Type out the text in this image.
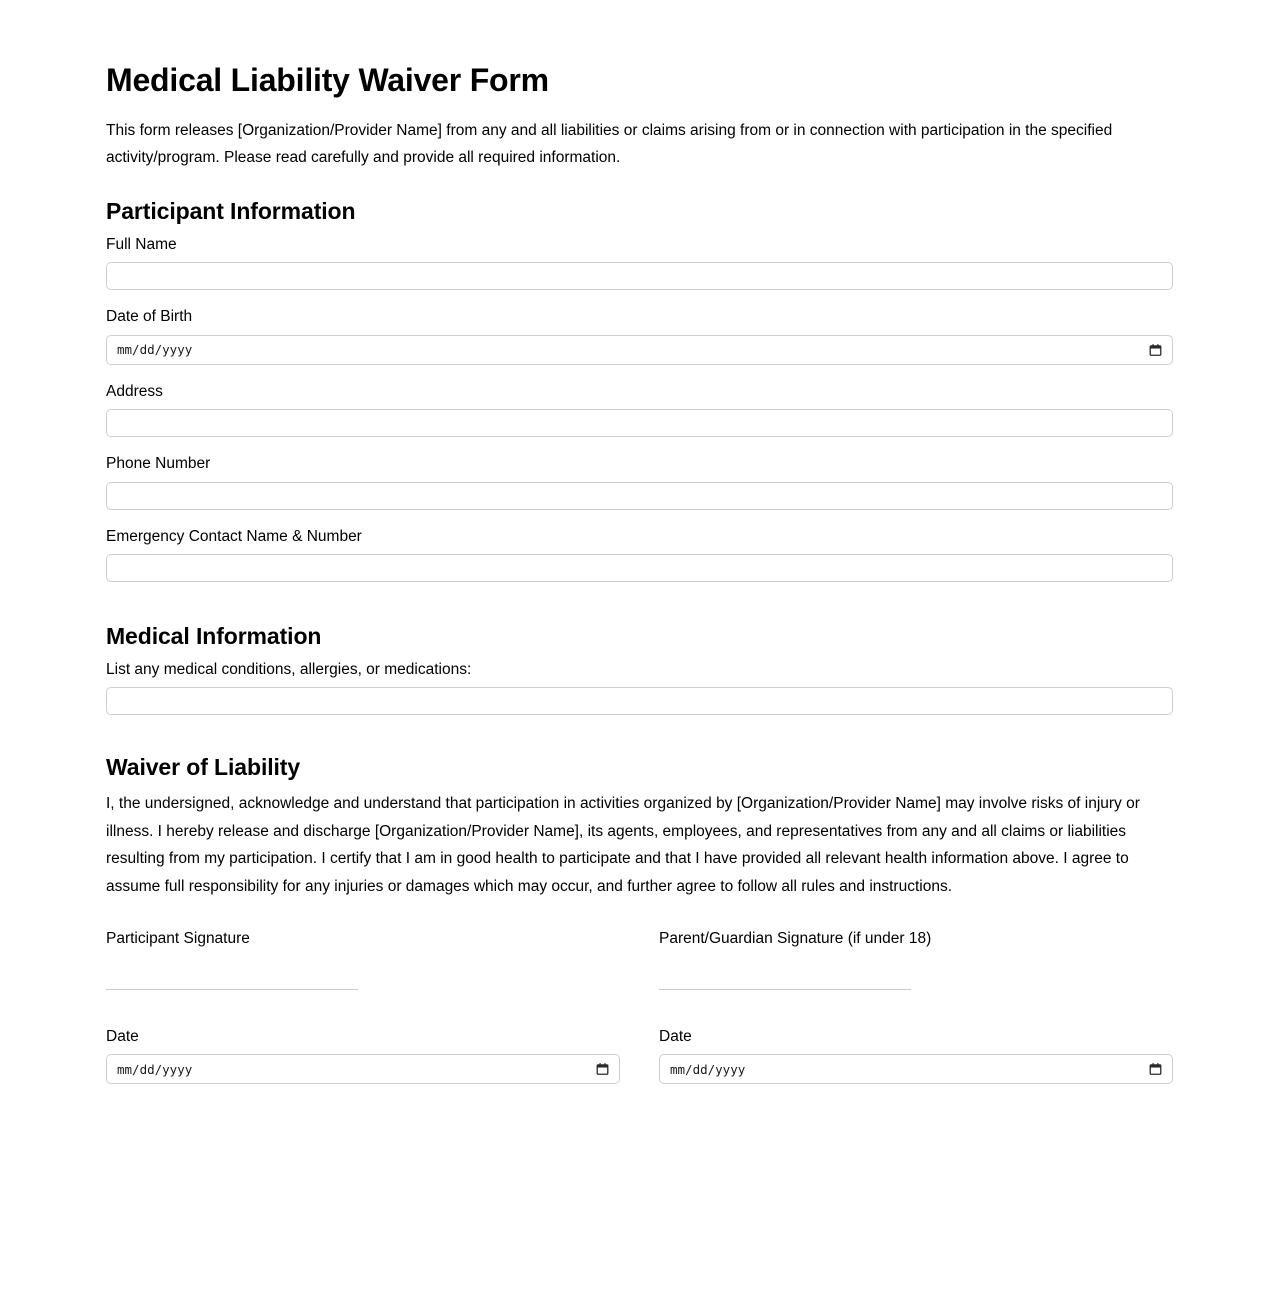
Medical Liability Waiver Form

This form releases [Organization/Provider Name] from any and all liabilities or claims arising from or in connection with participation in the specified activity/program. Please read carefully and provide all required information.

Participant Information
Full Name
Date of Birth
mm/dd/yyyy
Address
Phone Number
Emergency Contact Name & Number
Medical Information
List any medical conditions, allergies, or medications:
Waiver of Liability

I, the undersigned, acknowledge and understand that participation in activities organized by [Organization/Provider Name] may involve risks of injury or illness. I hereby release and discharge [Organization/Provider Name], its agents, employees, and representatives from any and all claims or liabilities resulting from my participation. I certify that I am in good health to participate and that I have provided all relevant health information above. I agree to assume full responsibility for any injuries or damages which may occur, and further agree to follow all rules and instructions.

Participant Signature
Date
mm/dd/yyyy
Parent/Guardian Signature (if under 18)
Date
mm/dd/yyyy
